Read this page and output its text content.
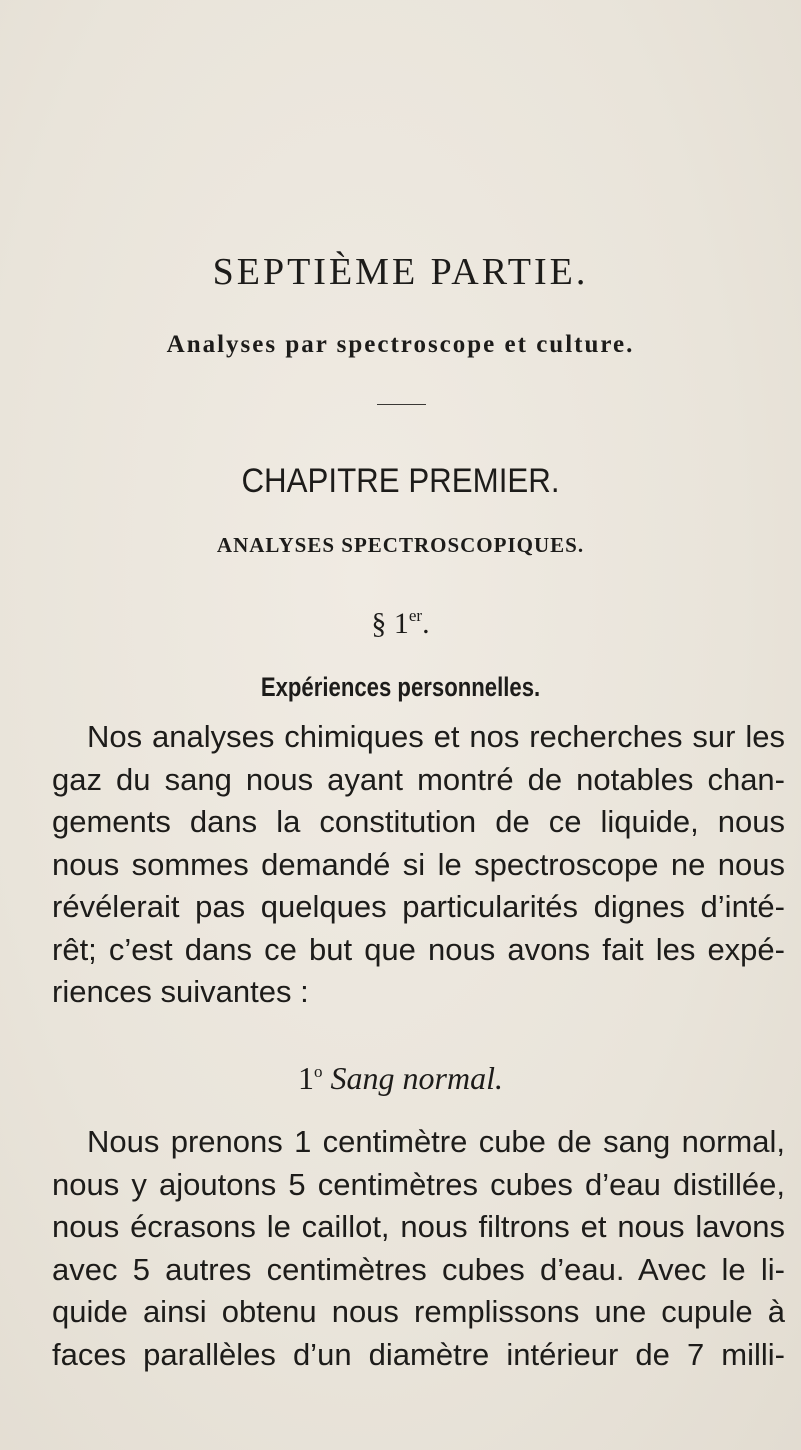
SEPTIÈME PARTIE.
Analyses par spectroscope et culture.
CHAPITRE PREMIER.
ANALYSES SPECTROSCOPIQUES.
§ 1er.
Expériences personnelles.

Nos analyses chimiques et nos recherches sur les
gaz du sang nous ayant montré de notables chan-
gements dans la constitution de ce liquide, nous
nous sommes demandé si le spectroscope ne nous
révélerait pas quelques particularités dignes d’inté-
rêt; c’est dans ce but que nous avons fait les expé-
riences suivantes :

1$^o$ Sang normal.

Nous prenons 1 centimètre cube de sang normal,
nous y ajoutons 5 centimètres cubes d’eau distillée,
nous écrasons le caillot, nous filtrons et nous lavons
avec 5 autres centimètres cubes d’eau. Avec le li-
quide ainsi obtenu nous remplissons une cupule à
faces parallèles d’un diamètre intérieur de 7 milli-
